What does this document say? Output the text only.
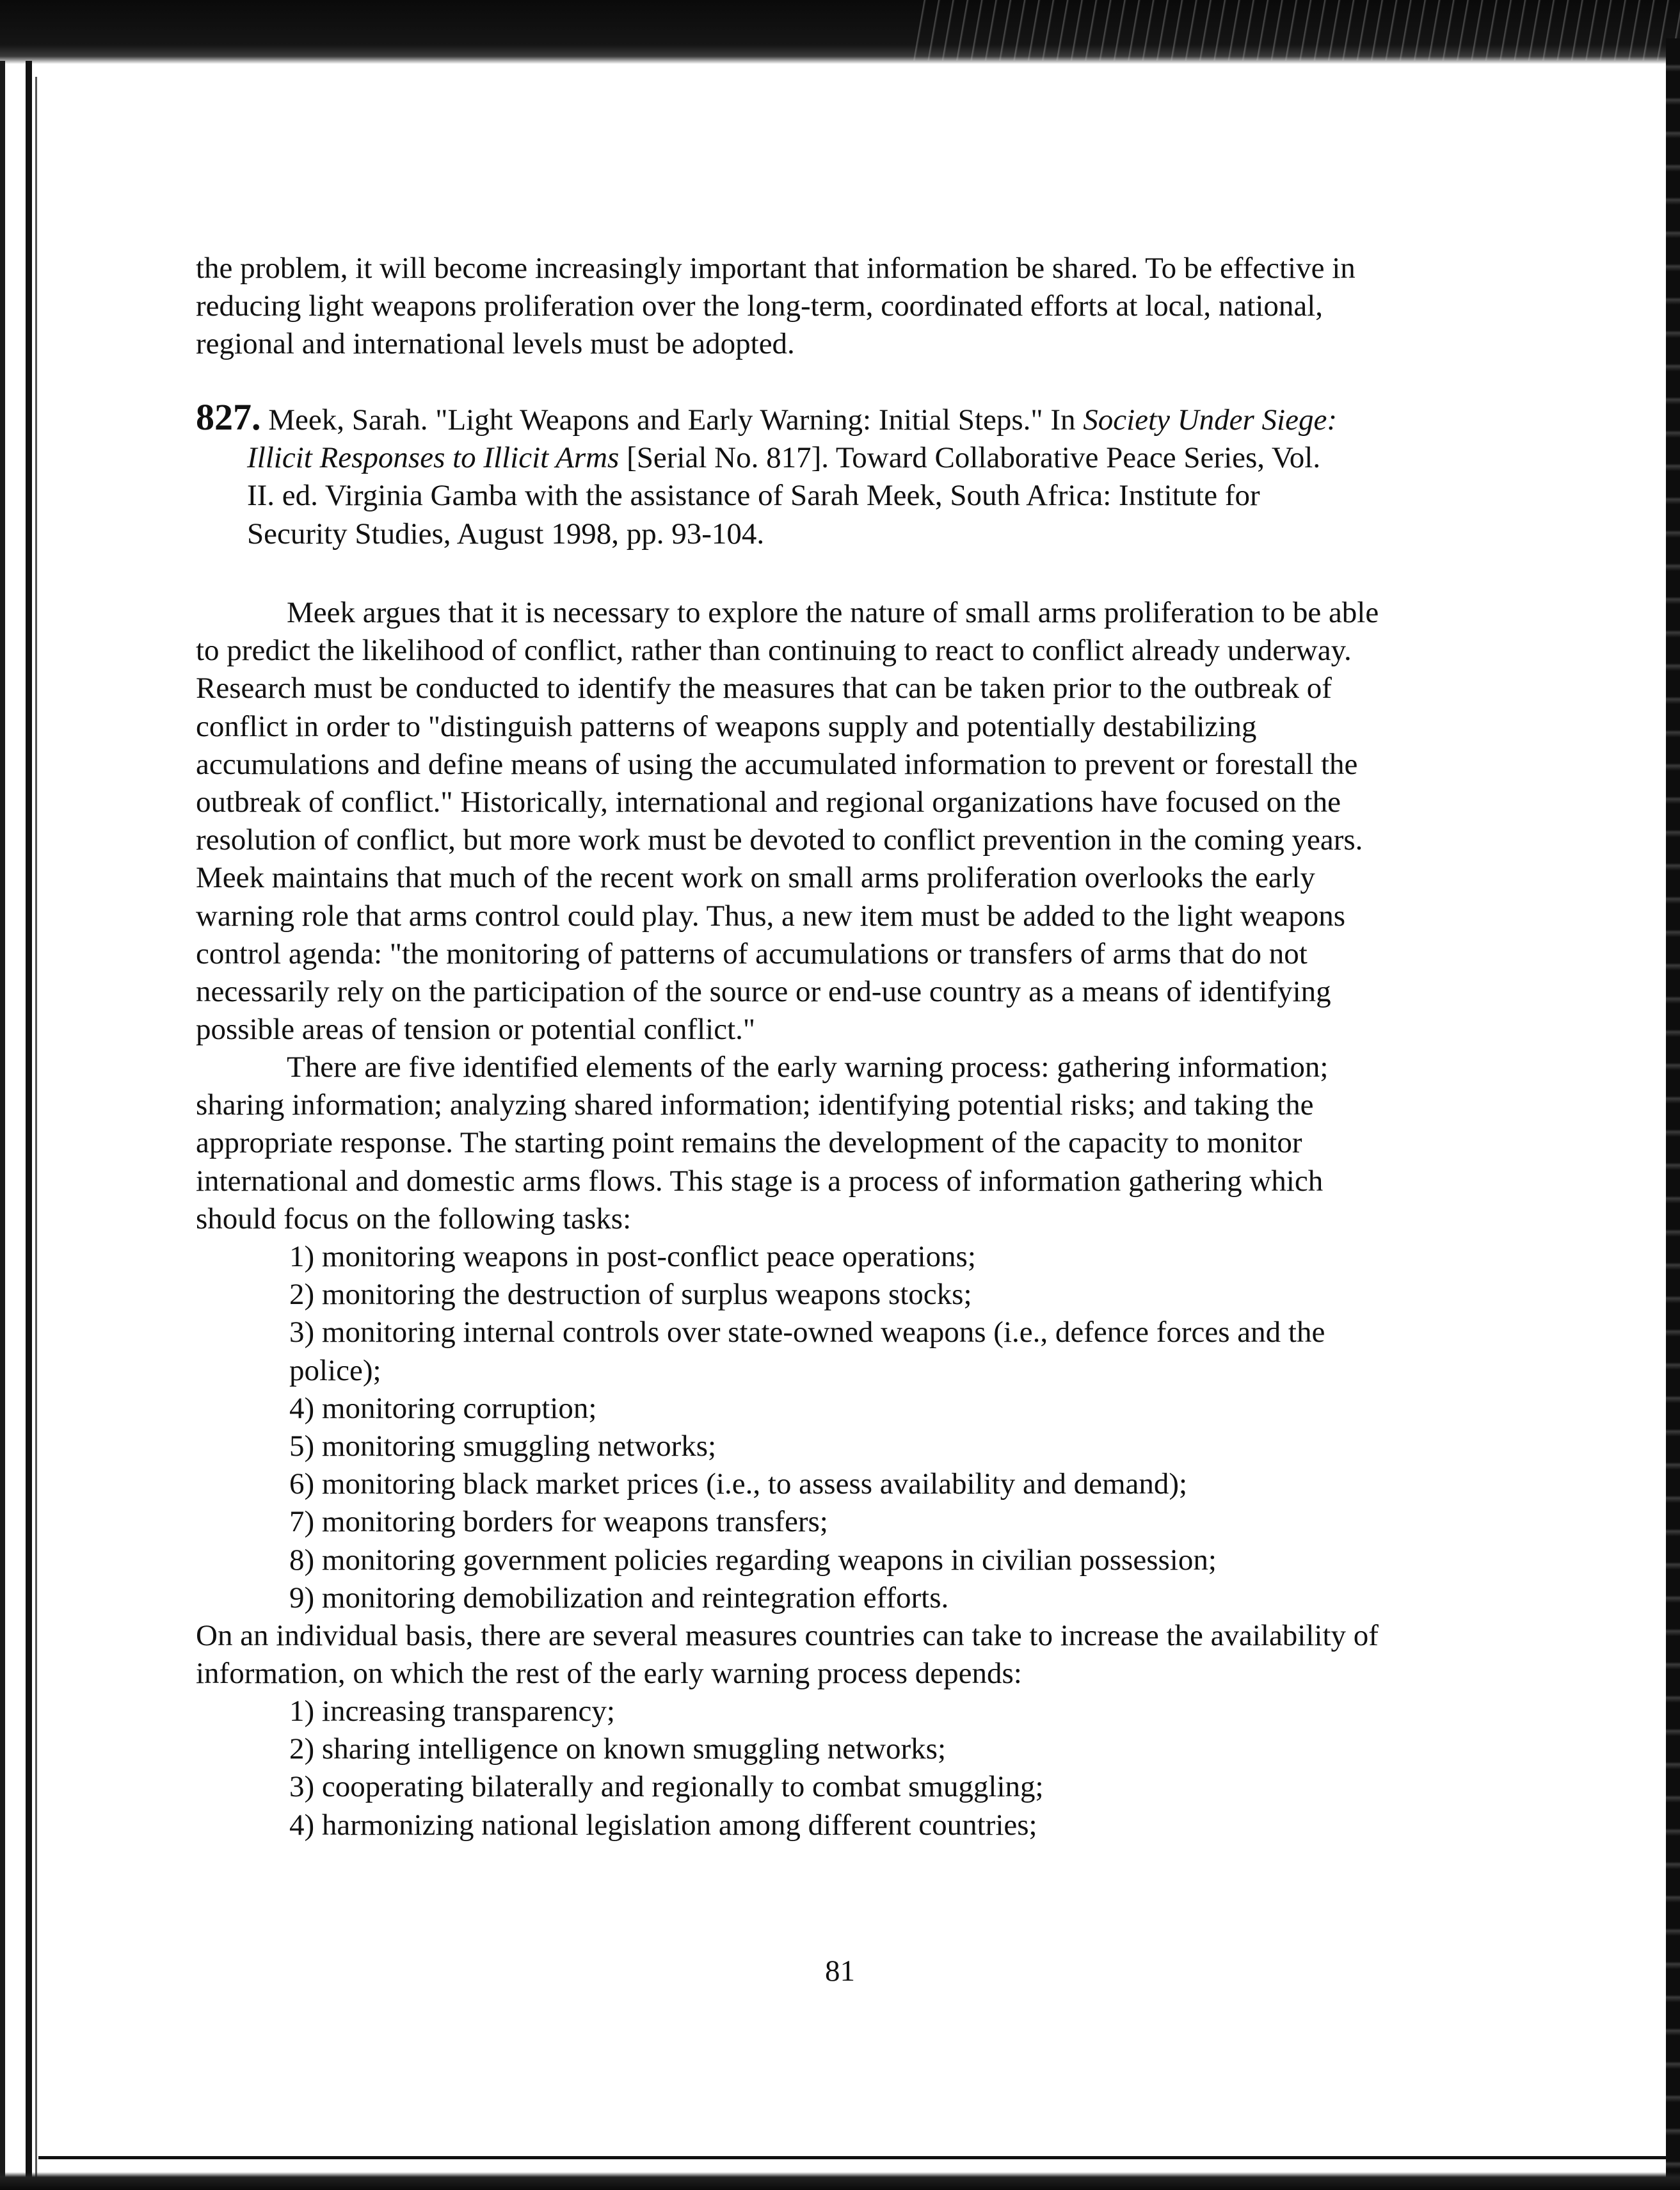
the problem, it will become increasingly important that information be shared. To be effective in
reducing light weapons proliferation over the long-term, coordinated efforts at local, national,
regional and international levels must be adopted.
827. Meek, Sarah. "Light Weapons and Early Warning: Initial Steps." In Society Under Siege:
Illicit Responses to Illicit Arms [Serial No. 817]. Toward Collaborative Peace Series, Vol.
II. ed. Virginia Gamba with the assistance of Sarah Meek, South Africa: Institute for
Security Studies, August 1998, pp. 93-104.
Meek argues that it is necessary to explore the nature of small arms proliferation to be able
to predict the likelihood of conflict, rather than continuing to react to conflict already underway.
Research must be conducted to identify the measures that can be taken prior to the outbreak of
conflict in order to "distinguish patterns of weapons supply and potentially destabilizing
accumulations and define means of using the accumulated information to prevent or forestall the
outbreak of conflict." Historically, international and regional organizations have focused on the
resolution of conflict, but more work must be devoted to conflict prevention in the coming years.
Meek maintains that much of the recent work on small arms proliferation overlooks the early
warning role that arms control could play. Thus, a new item must be added to the light weapons
control agenda: "the monitoring of patterns of accumulations or transfers of arms that do not
necessarily rely on the participation of the source or end-use country as a means of identifying
possible areas of tension or potential conflict."
There are five identified elements of the early warning process: gathering information;
sharing information; analyzing shared information; identifying potential risks; and taking the
appropriate response. The starting point remains the development of the capacity to monitor
international and domestic arms flows. This stage is a process of information gathering which
should focus on the following tasks:
1) monitoring weapons in post-conflict peace operations;
2) monitoring the destruction of surplus weapons stocks;
3) monitoring internal controls over state-owned weapons (i.e., defence forces and the
police);
4) monitoring corruption;
5) monitoring smuggling networks;
6) monitoring black market prices (i.e., to assess availability and demand);
7) monitoring borders for weapons transfers;
8) monitoring government policies regarding weapons in civilian possession;
9) monitoring demobilization and reintegration efforts.
On an individual basis, there are several measures countries can take to increase the availability of
information, on which the rest of the early warning process depends:
1) increasing transparency;
2) sharing intelligence on known smuggling networks;
3) cooperating bilaterally and regionally to combat smuggling;
4) harmonizing national legislation among different countries;
81
